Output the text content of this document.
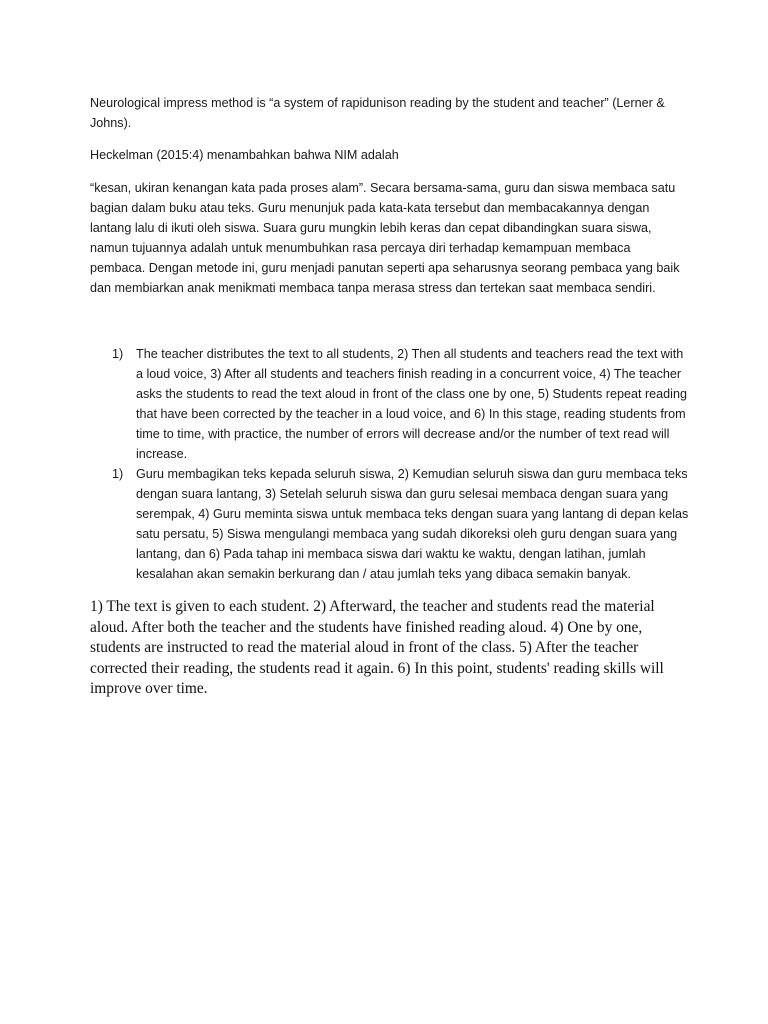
Neurological impress method is “a system of rapidunison reading by the student and teacher” (Lerner & Johns).

Heckelman (2015:4) menambahkan bahwa NIM adalah

“kesan, ukiran kenangan kata pada proses alam”. Secara bersama-sama, guru dan siswa membaca satu bagian dalam buku atau teks. Guru menunjuk pada kata-kata tersebut dan membacakannya dengan lantang lalu di ikuti oleh siswa. Suara guru mungkin lebih keras dan cepat dibandingkan suara siswa, namun tujuannya adalah untuk menumbuhkan rasa percaya diri terhadap kemampuan membaca pembaca. Dengan metode ini, guru menjadi panutan seperti apa seharusnya seorang pembaca yang baik dan membiarkan anak menikmati membaca tanpa merasa stress dan tertekan saat membaca sendiri.

1) The teacher distributes the text to all students, 2) Then all students and teachers read the text with a loud voice, 3) After all students and teachers finish reading in a concurrent voice, 4) The teacher asks the students to read the text aloud in front of the class one by one, 5) Students repeat reading that have been corrected by the teacher in a loud voice, and 6) In this stage, reading students from time to time, with practice, the number of errors will decrease and/or the number of text read will increase.
1) Guru membagikan teks kepada seluruh siswa, 2) Kemudian seluruh siswa dan guru membaca teks dengan suara lantang, 3) Setelah seluruh siswa dan guru selesai membaca dengan suara yang serempak, 4) Guru meminta siswa untuk membaca teks dengan suara yang lantang di depan kelas satu persatu, 5) Siswa mengulangi membaca yang sudah dikoreksi oleh guru dengan suara yang lantang, dan 6) Pada tahap ini membaca siswa dari waktu ke waktu, dengan latihan, jumlah kesalahan akan semakin berkurang dan / atau jumlah teks yang dibaca semakin banyak.

1) The text is given to each student. 2) Afterward, the teacher and students read the material aloud. After both the teacher and the students have finished reading aloud. 4) One by one, students are instructed to read the material aloud in front of the class. 5) After the teacher corrected their reading, the students read it again. 6) In this point, students' reading skills will improve over time.
